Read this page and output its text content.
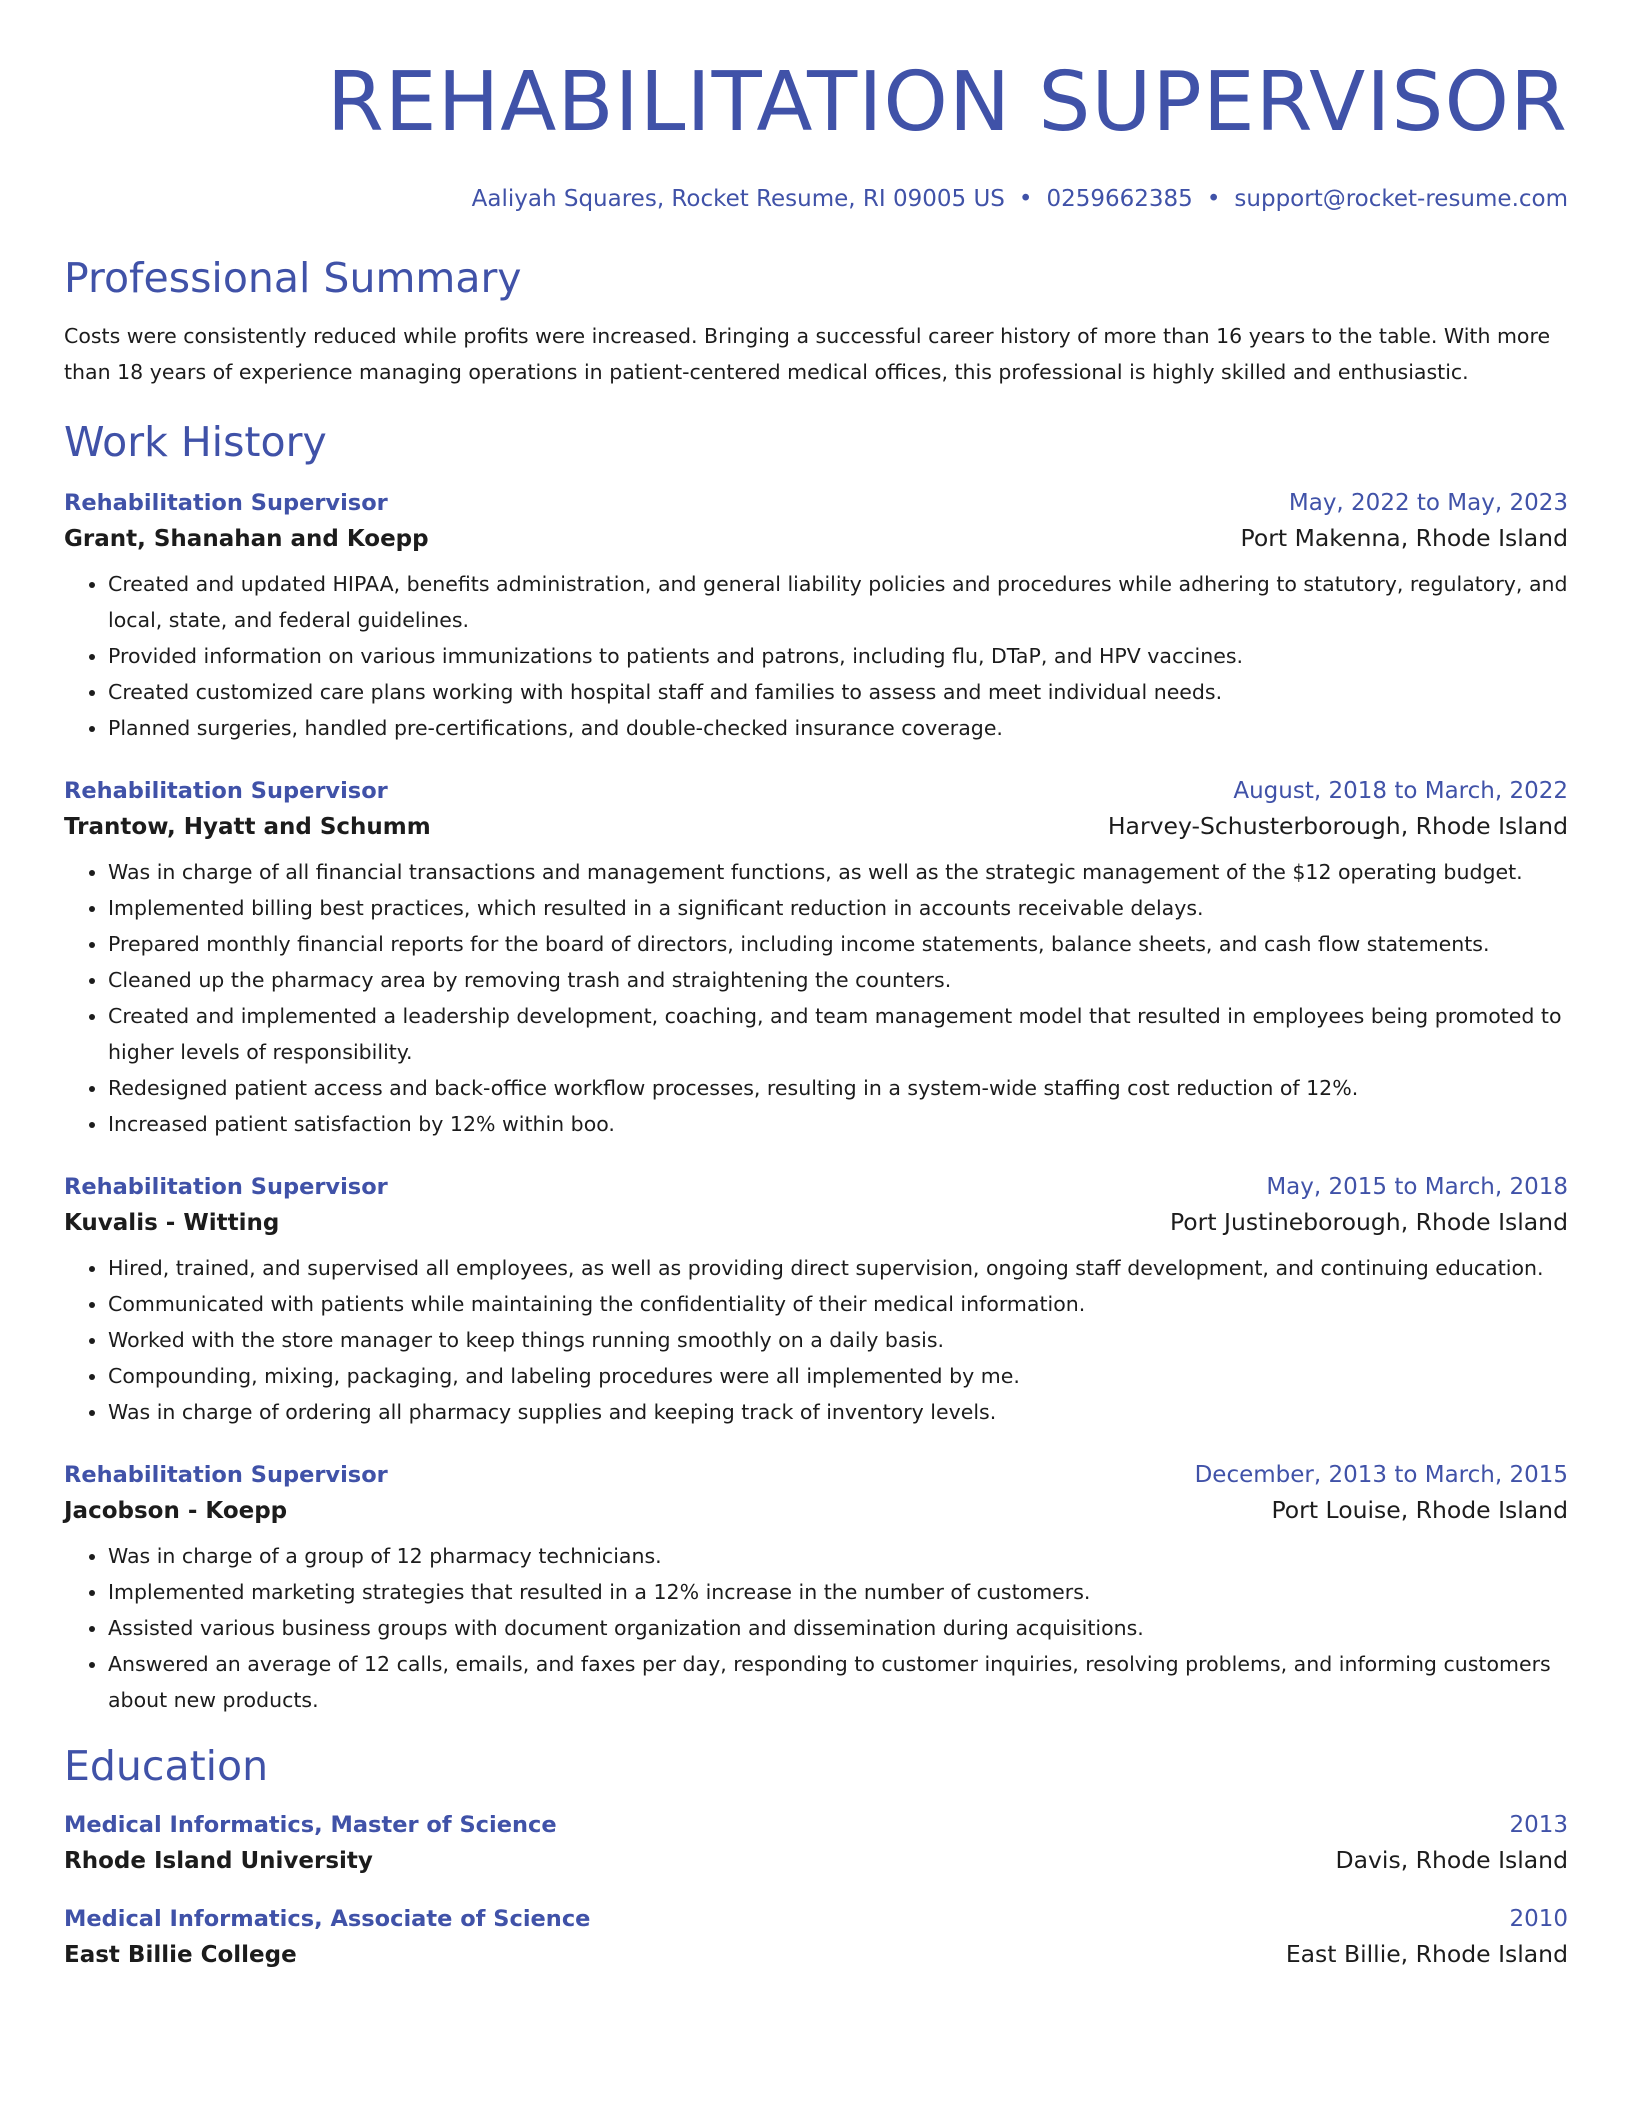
REHABILITATION SUPERVISOR
Aaliyah Squares, Rocket Resume, RI 09005 US • 0259662385 • support@rocket-resume.com
Professional Summary
Costs were consistently reduced while profits were increased. Bringing a successful career history of more than 16 years to the table. With more than 18 years of experience managing operations in patient-centered medical offices, this professional is highly skilled and enthusiastic.
Work History
Rehabilitation Supervisor	May, 2022 to May, 2023
Grant, Shanahan and Koepp	Port Makenna, Rhode Island
• Created and updated HIPAA, benefits administration, and general liability policies and procedures while adhering to statutory, regulatory, and local, state, and federal guidelines.
• Provided information on various immunizations to patients and patrons, including flu, DTaP, and HPV vaccines.
• Created customized care plans working with hospital staff and families to assess and meet individual needs.
• Planned surgeries, handled pre-certifications, and double-checked insurance coverage.
Rehabilitation Supervisor	August, 2018 to March, 2022
Trantow, Hyatt and Schumm	Harvey-Schusterborough, Rhode Island
• Was in charge of all financial transactions and management functions, as well as the strategic management of the $12 operating budget.
• Implemented billing best practices, which resulted in a significant reduction in accounts receivable delays.
• Prepared monthly financial reports for the board of directors, including income statements, balance sheets, and cash flow statements.
• Cleaned up the pharmacy area by removing trash and straightening the counters.
• Created and implemented a leadership development, coaching, and team management model that resulted in employees being promoted to higher levels of responsibility.
• Redesigned patient access and back-office workflow processes, resulting in a system-wide staffing cost reduction of 12%.
• Increased patient satisfaction by 12% within boo.
Rehabilitation Supervisor	May, 2015 to March, 2018
Kuvalis - Witting	Port Justineborough, Rhode Island
• Hired, trained, and supervised all employees, as well as providing direct supervision, ongoing staff development, and continuing education.
• Communicated with patients while maintaining the confidentiality of their medical information.
• Worked with the store manager to keep things running smoothly on a daily basis.
• Compounding, mixing, packaging, and labeling procedures were all implemented by me.
• Was in charge of ordering all pharmacy supplies and keeping track of inventory levels.
Rehabilitation Supervisor	December, 2013 to March, 2015
Jacobson - Koepp	Port Louise, Rhode Island
• Was in charge of a group of 12 pharmacy technicians.
• Implemented marketing strategies that resulted in a 12% increase in the number of customers.
• Assisted various business groups with document organization and dissemination during acquisitions.
• Answered an average of 12 calls, emails, and faxes per day, responding to customer inquiries, resolving problems, and informing customers about new products.
Education
Medical Informatics, Master of Science	2013
Rhode Island University	Davis, Rhode Island
Medical Informatics, Associate of Science	2010
East Billie College	East Billie, Rhode Island
